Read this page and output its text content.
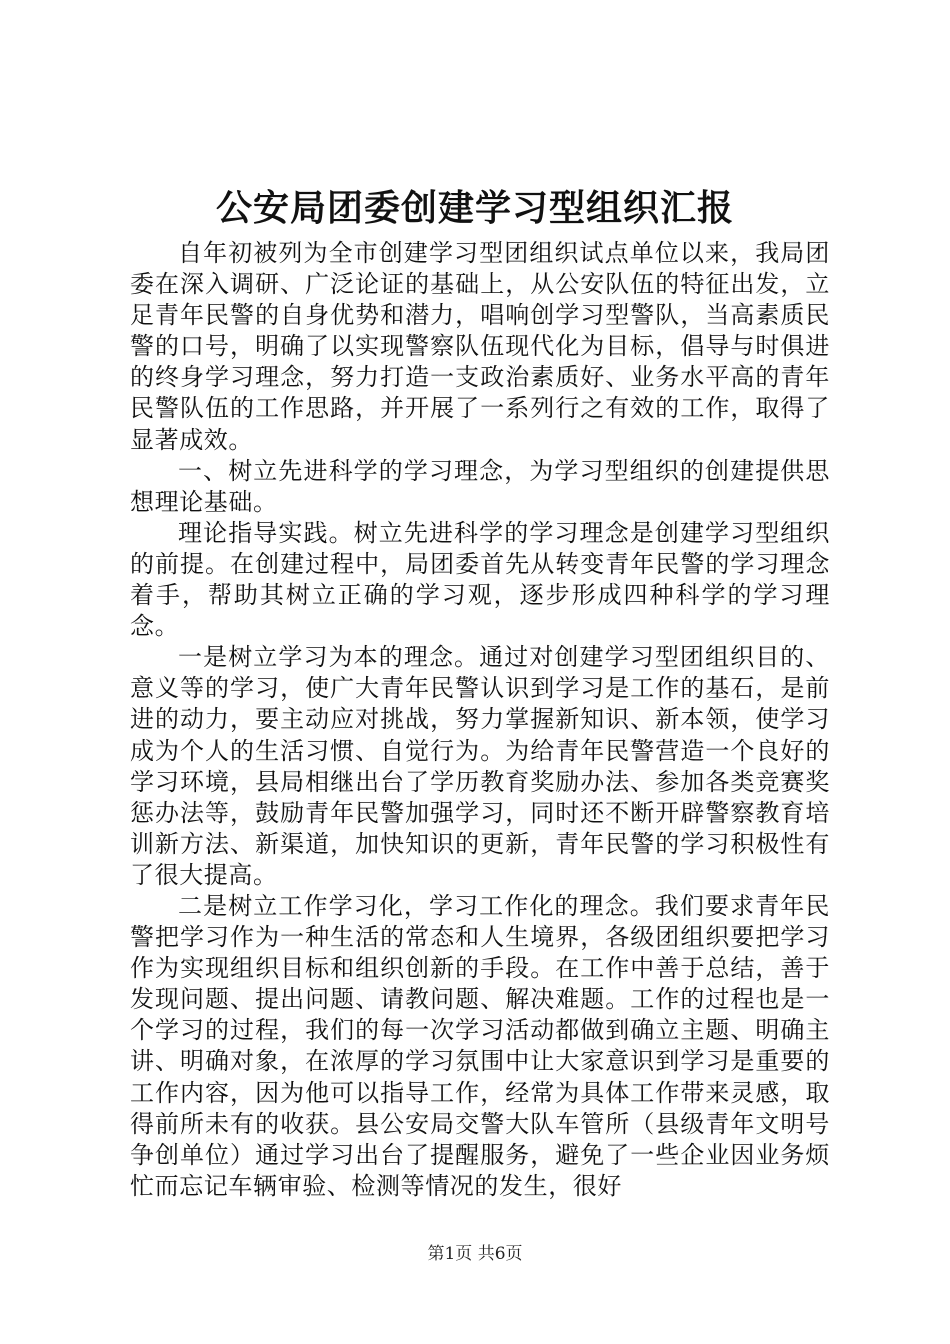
公安局团委创建学习型组织汇报

自年初被列为全市创建学习型团组织试点单位以来，我局团委在深入调研、广泛论证的基础上，从公安队伍的特征出发，立足青年民警的自身优势和潜力，唱响创学习型警队，当高素质民警的口号，明确了以实现警察队伍现代化为目标，倡导与时俱进的终身学习理念，努力打造一支政治素质好、业务水平高的青年民警队伍的工作思路，并开展了一系列行之有效的工作，取得了显著成效。

一、树立先进科学的学习理念，为学习型组织的创建提供思想理论基础。

理论指导实践。树立先进科学的学习理念是创建学习型组织的前提。在创建过程中，局团委首先从转变青年民警的学习理念着手，帮助其树立正确的学习观，逐步形成四种科学的学习理念。

一是树立学习为本的理念。通过对创建学习型团组织目的、意义等的学习，使广大青年民警认识到学习是工作的基石，是前进的动力，要主动应对挑战，努力掌握新知识、新本领，使学习成为个人的生活习惯、自觉行为。为给青年民警营造一个良好的学习环境，县局相继出台了学历教育奖励办法、参加各类竞赛奖惩办法等，鼓励青年民警加强学习，同时还不断开辟警察教育培训新方法、新渠道，加快知识的更新，青年民警的学习积极性有了很大提高。

二是树立工作学习化，学习工作化的理念。我们要求青年民警把学习作为一种生活的常态和人生境界，各级团组织要把学习作为实现组织目标和组织创新的手段。在工作中善于总结，善于发现问题、提出问题、请教问题、解决难题。工作的过程也是一个学习的过程，我们的每一次学习活动都做到确立主题、明确主讲、明确对象，在浓厚的学习氛围中让大家意识到学习是重要的工作内容，因为他可以指导工作，经常为具体工作带来灵感，取得前所未有的收获。县公安局交警大队车管所（县级青年文明号争创单位）通过学习出台了提醒服务，避免了一些企业因业务烦忙而忘记车辆审验、检测等情况的发生，很好

第1页 共6页
